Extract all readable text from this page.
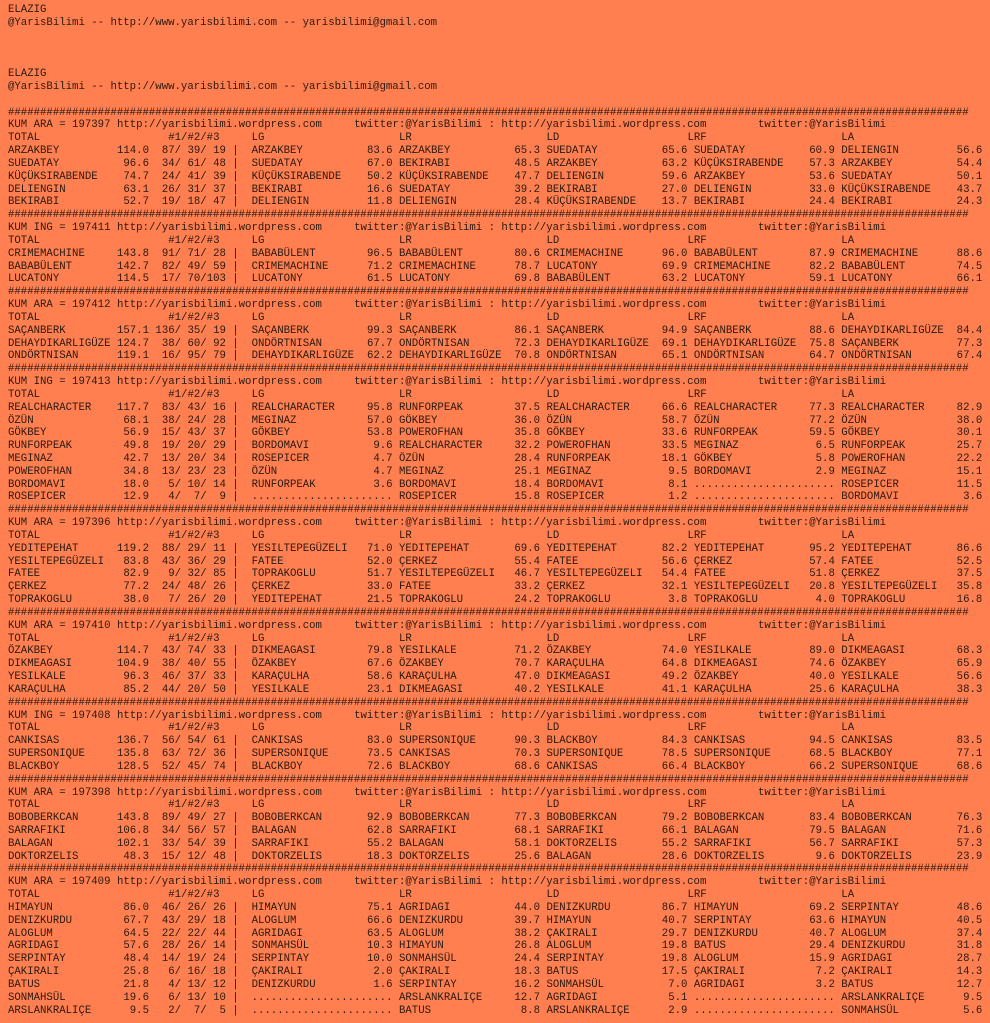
ELAZIG
@YarisBilimi -- http://www.yarisbilimi.com -- yarisbilimi@gmail.com
ELAZIG
@YarisBilimi -- http://www.yarisbilimi.com -- yarisbilimi@gmail.com
######################################################################################################################################################
KUM ARA = 197397 http://yarisbilimi.wordpress.com	twitter:@YarisBilimi : http://yarisbilimi.wordpress.com	twitter:@YarisBilimi
TOTAL	#1/#2/#3	LG	LR	LD	LRF	LA
ARZAKBEY	114.0 87 / 39 / 19 | ARZAKBEY	83.6 ARZAKBEY	65.3 SUEDATAY	65.6 SUEDATAY	60.9 DELIENGIN	56.6
SUEDATAY	96.6 34 / 61 / 48 | SUEDATAY	67.0 BEKIRABI	48.5 ARZAKBEY	63.2 KÜÇÜKSIRABENDE 57.3 ARZAKBEY	54.4
KÜÇÜKSIRABENDE 74.7 24 / 41 / 39 | KÜÇÜKSIRABENDE 50.2 KÜÇÜKSIRABENDE 47.7 DELIENGIN	59.6 ARZAKBEY	53.6 SUEDATAY	50.1
DELIENGIN	63.1 26 / 31 / 37 | BEKIRABI	16.6 SUEDATAY	39.2 BEKIRABI	27.0 DELIENGIN	33.0 KÜÇÜKSIRABENDE 43.7
BEKIRABI	52.7 19 / 18 / 47 | DELIENGIN	11.8 DELIENGIN	28.4 KÜÇÜKSIRABENDE 13.7 BEKIRABI	24.4 BEKIRABI	24.3
######################################################################################################################################################
KUM ING = 197411 http://yarisbilimi.wordpress.com	twitter:@YarisBilimi : http://yarisbilimi.wordpress.com	twitter:@YarisBilimi
TOTAL	#1/#2/#3	LG	LR	LD	LRF	LA
CRIMEMACHINE	143.8 91 / 71 / 28 | BABABÜLENT	96.5 BABABÜLENT	80.6 CRIMEMACHINE	96.0 BABABÜLENT	87.9 CRIMEMACHINE	88.6
BABABÜLENT	142.7 82 / 49 / 59 | CRIMEMACHINE	71.2 CRIMEMACHINE	78.7 LUCATONY	69.9 CRIMEMACHINE	82.2 BABABÜLENT	74.5
LUCATONY	114.5 17 / 70 / 103 | LUCATONY	61.5 LUCATONY	69.8 BABABÜLENT	63.2 LUCATONY	59.1 LUCATONY	66.1
######################################################################################################################################################
KUM ARA = 197412 http://yarisbilimi.wordpress.com	twitter:@YarisBilimi : http://yarisbilimi.wordpress.com	twitter:@YarisBilimi
TOTAL	#1/#2/#3	LG	LR	LD	LRF	LA
SAÇANBERK	157.1 136 / 35 / 19 | SAÇANBERK	99.3 SAÇANBERK	86.1 SAÇANBERK	94.9 SAÇANBERK	88.6 DEHAYDIKARLIGÜZE 84.4
DEHAYDIKARLIGÜZE 124.7 38 / 60 / 92 | ONDÖRTNISAN	67.7 ONDÖRTNISAN	72.3 DEHAYDIKARLIGÜZE 69.1 DEHAYDIKARLIGÜZE 75.8 SAÇANBERK	77.3
ONDÖRTNISAN	119.1 16 / 95 / 79 | DEHAYDIKARLIGÜZE 62.2 DEHAYDIKARLIGÜZE 70.8 ONDÖRTNISAN	65.1 ONDÖRTNISAN	64.7 ONDÖRTNISAN	67.4
######################################################################################################################################################
KUM ING = 197413 http://yarisbilimi.wordpress.com	twitter:@YarisBilimi : http://yarisbilimi.wordpress.com	twitter:@YarisBilimi
TOTAL	#1/#2/#3	LG	LR	LD	LRF	LA
REALCHARACTER 117.7 83 / 43 / 16 | REALCHARACTER 95.8 RUNFORPEAK	37.5 REALCHARACTER 66.6 REALCHARACTER 77.3 REALCHARACTER 82.9
ÖZÜN	68.1 38 / 24 / 28 | MEGINAZ	57.0 GÖKBEY	36.0 ÖZÜN	58.7 ÖZÜN	77.2 ÖZÜN	38.0
GÖKBEY	56.9 15 / 43 / 37 | GÖKBEY	53.8 POWEROFHAN	35.8 GÖKBEY	33.6 RUNFORPEAK	59.5 GÖKBEY	30.1
RUNFORPEAK	49.8 19 / 20 / 29 | BORDOMAVI	9.6 REALCHARACTER 32.2 POWEROFHAN	33.5 MEGINAZ	6.5 RUNFORPEAK	25.7
MEGINAZ	42.7 13 / 20 / 34 | ROSEPICER	4.7 ÖZÜN	28.4 RUNFORPEAK	18.1 GÖKBEY	5.8 POWEROFHAN	22.2
POWEROFHAN	34.8 13 / 23 / 23 | ÖZÜN	4.7 MEGINAZ	25.1 MEGINAZ	9.5 BORDOMAVI	2.9 MEGINAZ	15.1
BORDOMAVI	18.0 5 / 10 / 14 | RUNFORPEAK	3.6 BORDOMAVI	18.4 BORDOMAVI	8.1 ...................... ROSEPICER	11.5
ROSEPICER	12.9 4 / 7 / 9 | ...................... ROSEPICER	15.8 ROSEPICER	1.2 ...................... BORDOMAVI	3.6
######################################################################################################################################################
KUM ARA = 197396 http://yarisbilimi.wordpress.com	twitter:@YarisBilimi : http://yarisbilimi.wordpress.com	twitter:@YarisBilimi
TOTAL	#1/#2/#3	LG	LR	LD	LRF	LA
YEDITEPEHAT	119.2 88 / 29 / 11 | YESILTEPEGÜZELI 71.0 YEDITEPEHAT	69.6 YEDITEPEHAT	82.2 YEDITEPEHAT	95.2 YEDITEPEHAT	86.6
YESILTEPEGÜZELI 83.8 43 / 36 / 29 | FATEE	52.0 ÇERKEZ	55.4 FATEE	56.6 ÇERKEZ	57.4 FATEE	52.5
FATEE	82.9 9 / 32 / 85 | TOPRAKOGLU	51.7 YESILTEPEGÜZELI 46.7 YESILTEPEGÜZELI 54.4 FATEE	51.8 ÇERKEZ	37.5
ÇERKEZ	77.2 24 / 48 / 26 | ÇERKEZ	33.0 FATEE	33.2 ÇERKEZ	32.1 YESILTEPEGÜZELI 20.8 YESILTEPEGÜZELI 35.8
TOPRAKOGLU	38.0 7 / 26 / 20 | YEDITEPEHAT	21.5 TOPRAKOGLU	24.2 TOPRAKOGLU	3.8 TOPRAKOGLU	4.0 TOPRAKOGLU	16.8
######################################################################################################################################################
KUM ARA = 197410 http://yarisbilimi.wordpress.com	twitter:@YarisBilimi : http://yarisbilimi.wordpress.com	twitter:@YarisBilimi
TOTAL	#1/#2/#3	LG	LR	LD	LRF	LA
ÖZAKBEY	114.7 43 / 74 / 33 | DIKMEAGASI	79.8 YESILKALE	71.2 ÖZAKBEY	74.0 YESILKALE	89.0 DIKMEAGASI	68.3
DIKMEAGASI	104.9 38 / 40 / 55 | ÖZAKBEY	67.6 ÖZAKBEY	70.7 KARAÇULHA	64.8 DIKMEAGASI	74.6 ÖZAKBEY	65.9
YESILKALE	96.3 46 / 37 / 33 | KARAÇULHA	58.6 KARAÇULHA	47.0 DIKMEAGASI	49.2 ÖZAKBEY	40.0 YESILKALE	56.6
KARAÇULHA	85.2 44 / 20 / 50 | YESILKALE	23.1 DIKMEAGASI	40.2 YESILKALE	41.1 KARAÇULHA	25.6 KARAÇULHA	38.3
######################################################################################################################################################
KUM ING = 197408 http://yarisbilimi.wordpress.com	twitter:@YarisBilimi : http://yarisbilimi.wordpress.com	twitter:@YarisBilimi
TOTAL	#1/#2/#3	LG	LR	LD	LRF	LA
CANKISAS	136.7 56 / 54 / 61 | CANKISAS	83.0 SUPERSONIQUE	90.3 BLACKBOY	84.3 CANKISAS	94.5 CANKISAS	83.5
SUPERSONIQUE	135.8 63 / 72 / 36 | SUPERSONIQUE	73.5 CANKISAS	70.3 SUPERSONIQUE	78.5 SUPERSONIQUE	68.5 BLACKBOY	77.1
BLACKBOY	128.5 52 / 45 / 74 | BLACKBOY	72.6 BLACKBOY	68.6 CANKISAS	66.4 BLACKBOY	66.2 SUPERSONIQUE	68.6
######################################################################################################################################################
KUM ARA = 197398 http://yarisbilimi.wordpress.com	twitter:@YarisBilimi : http://yarisbilimi.wordpress.com	twitter:@YarisBilimi
TOTAL	#1/#2/#3	LG	LR	LD	LRF	LA
BOBOBERKCAN	143.8 89 / 49 / 27 | BOBOBERKCAN	92.9 BOBOBERKCAN	77.3 BOBOBERKCAN	79.2 BOBOBERKCAN	83.4 BOBOBERKCAN	76.3
SARRAFIKI	106.8 34 / 56 / 57 | BALAGAN	62.8 SARRAFIKI	68.1 SARRAFIKI	66.1 BALAGAN	79.5 BALAGAN	71.6
BALAGAN	102.1 33 / 54 / 39 | SARRAFIKI	55.2 BALAGAN	58.1 DOKTORZELIS	55.2 SARRAFIKI	56.7 SARRAFIKI	57.3
DOKTORZELIS	48.3 15 / 12 / 48 | DOKTORZELIS	18.3 DOKTORZELIS	25.6 BALAGAN	28.6 DOKTORZELIS	9.6 DOKTORZELIS	23.9
######################################################################################################################################################
KUM ARA = 197409 http://yarisbilimi.wordpress.com	twitter:@YarisBilimi : http://yarisbilimi.wordpress.com	twitter:@YarisBilimi
TOTAL	#1/#2/#3	LG	LR	LD	LRF	LA
HIMAYUN	86.0 46 / 26 / 26 | HIMAYUN	75.1 AGRIDAGI	44.0 DENIZKURDU	86.7 HIMAYUN	69.2 SERPINTAY	48.6
DENIZKURDU	67.7 43 / 29 / 18 | ALOGLUM	66.6 DENIZKURDU	39.7 HIMAYUN	40.7 SERPINTAY	63.6 HIMAYUN	40.5
ALOGLUM	64.5 22 / 22 / 44 | AGRIDAGI	63.5 ALOGLUM	38.2 ÇAKIRALI	29.7 DENIZKURDU	40.7 ALOGLUM	37.4
AGRIDAGI	57.6 28 / 26 / 14 | SONMAHSÜL	10.3 HIMAYUN	26.8 ALOGLUM	19.8 BATUS	29.4 DENIZKURDU	31.8
SERPINTAY	48.4 14 / 19 / 24 | SERPINTAY	10.0 SONMAHSÜL	24.4 SERPINTAY	19.8 ALOGLUM	15.9 AGRIDAGI	28.7
ÇAKIRALI	25.8 6 / 16 / 18 | ÇAKIRALI	2.0 ÇAKIRALI	18.3 BATUS	17.5 ÇAKIRALI	7.2 ÇAKIRALI	14.3
BATUS	21.8 4 / 13 / 12 | DENIZKURDU	1.6 SERPINTAY	16.2 SONMAHSÜL	7.0 AGRIDAGI	3.2 BATUS	12.7
SONMAHSÜL	19.6 6 / 13 / 10 | ...................... ARSLANKRALIÇE 12.7 AGRIDAGI	5.1 ...................... ARSLANKRALIÇE 9.5
ARSLANKRALIÇE 9.5 2 / 7 / 5 | ...................... BATUS	8.8 ARSLANKRALIÇE 2.9 ...................... SONMAHSÜL	5.6
